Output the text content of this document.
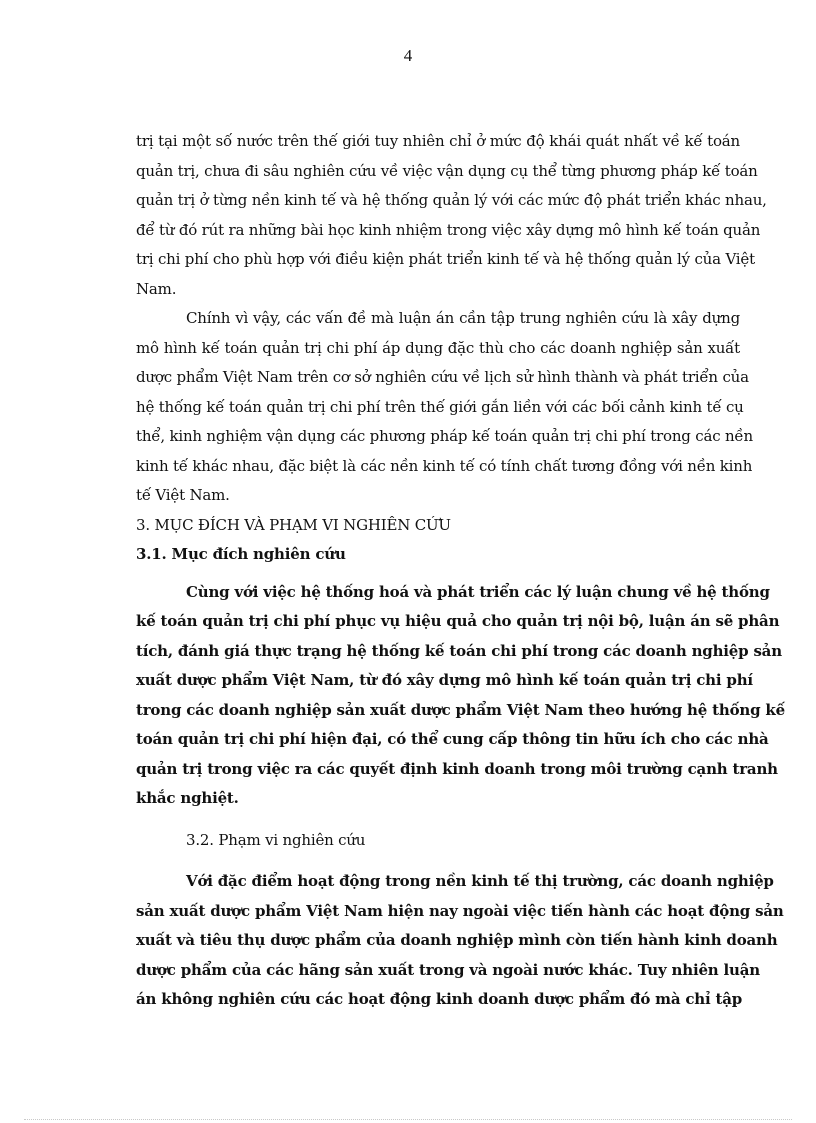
4
trị tại một số nước trên thế giới tuy nhiên chỉ ở mức độ khái quát nhất về kế toán
quản trị, chưa đi sâu nghiên cứu về việc vận dụng cụ thể từng phương pháp kế toán
quản trị ở từng nền kinh tế và hệ thống quản lý với các mức độ phát triển khác nhau,
để từ đó rút ra những bài học kinh nhiệm trong việc xây dựng mô hình kế toán quản
trị chi phí cho phù hợp với điều kiện phát triển kinh tế và hệ thống quản lý của Việt
Nam.
Chính vì vậy, các vấn đề mà luận án cần tập trung nghiên cứu là xây dựng
mô hình kế toán quản trị chi phí áp dụng đặc thù cho các doanh nghiệp sản xuất
dược phẩm Việt Nam trên cơ sở nghiên cứu về lịch sử hình thành và phát triển của
hệ thống kế toán quản trị chi phí trên thế giới gắn liền với các bối cảnh kinh tế cụ
thể, kinh nghiệm vận dụng các phương pháp kế toán quản trị chi phí trong các nền
kinh tế khác nhau, đặc biệt là các nền kinh tế có tính chất tương đồng với nền kinh
tế Việt Nam.
3. MỤC ĐÍCH VÀ PHẠM VI NGHIÊN CỨU
3.1. Mục đích nghiên cứu
Cùng với việc hệ thống hoá và phát triển các lý luận chung về hệ thống
kế toán quản trị chi phí phục vụ hiệu quả cho quản trị nội bộ, luận án sẽ phân
tích, đánh giá thực trạng hệ thống kế toán chi phí trong các doanh nghiệp sản
xuất dược phẩm Việt Nam, từ đó xây dựng mô hình kế toán quản trị chi phí
trong các doanh nghiệp sản xuất dược phẩm Việt Nam theo hướng hệ thống kế
toán quản trị chi phí hiện đại, có thể cung cấp thông tin hữu ích cho các nhà
quản trị trong việc ra các quyết định kinh doanh trong môi trường cạnh tranh
khắc nghiệt.
3.2. Phạm vi nghiên cứu
Với đặc điểm hoạt động trong nền kinh tế thị trường, các doanh nghiệp
sản xuất dược phẩm Việt Nam hiện nay ngoài việc tiến hành các hoạt động sản
xuất và tiêu thụ dược phẩm của doanh nghiệp mình còn tiến hành kinh doanh
dược phẩm của các hãng sản xuất trong và ngoài nước khác. Tuy nhiên luận
án không nghiên cứu các hoạt động kinh doanh dược phẩm đó mà chỉ tập
